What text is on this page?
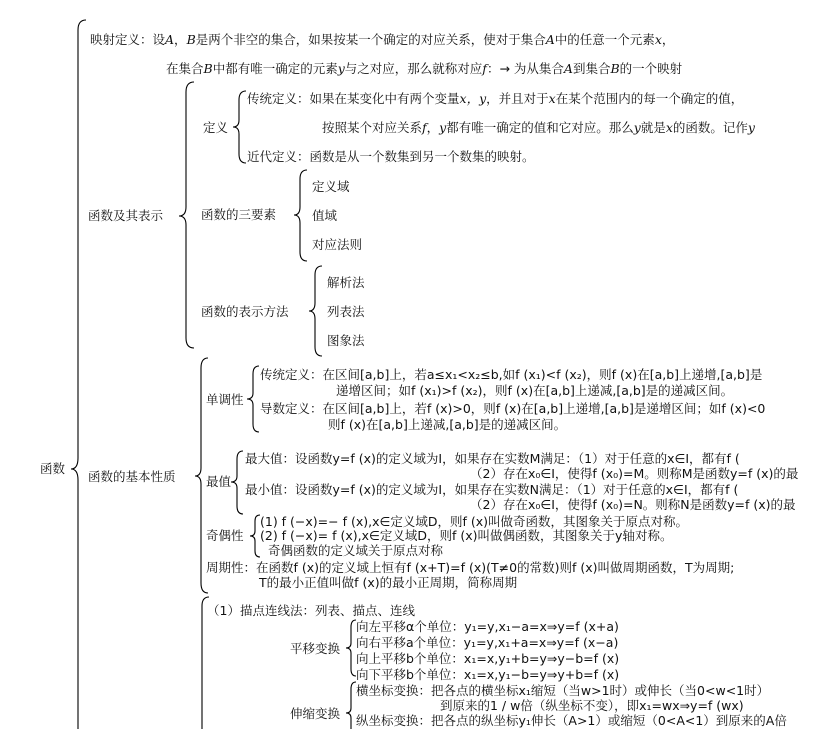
函数
映射定义：设A，B是两个非空的集合，如果按某一个确定的对应关系，使对于集合A中的任意一个元素x，
在集合B中都有唯一确定的元素y与之对应，那么就称对应f：→ 为从集合A到集合B的一个映射
函数及其表示
定义
传统定义：如果在某变化中有两个变量x，y，并且对于x在某个范围内的每一个确定的值，
按照某个对应关系f，y都有唯一确定的值和它对应。那么y就是x的函数。记作y
近代定义：函数是从一个数集到另一个数集的映射。
函数的三要素
定义域
值域
对应法则
函数的表示方法
解析法
列表法
图象法
函数的基本性质
单调性
传统定义：在区间[a,b]上，若a≤x₁<x₂≤b,如f (x₁)<f (x₂)，则f (x)在[a,b]上递增,[a,b]是
递增区间；如f (x₁)>f (x₂)，则f (x)在[a,b]上递减,[a,b]是的递减区间。
导数定义：在区间[a,b]上，若f (x)>0，则f (x)在[a,b]上递增,[a,b]是递增区间；如f (x)<0
则f (x)在[a,b]上递减,[a,b]是的递减区间。
最值
最大值：设函数y=f (x)的定义域为I，如果存在实数M满足：（1）对于任意的x∈I，都有f (
（2）存在x₀∈I，使得f (x₀)=M。则称M是函数y=f (x)的最
最小值：设函数y=f (x)的定义域为I，如果存在实数N满足：（1）对于任意的x∈I，都有f (
（2）存在x₀∈I，使得f (x₀)=N。则称N是函数y=f (x)的最
奇偶性
(1) f (−x)=− f (x),x∈定义域D，则f (x)叫做奇函数，其图象关于原点对称。
(2) f (−x)= f (x),x∈定义域D，则f (x)叫做偶函数，其图象关于y轴对称。
奇偶函数的定义域关于原点对称
周期性：在函数f (x)的定义域上恒有f (x+T)=f (x)(T≠0的常数)则f (x)叫做周期函数，T为周期;
T的最小正值叫做f (x)的最小正周期，简称周期
（1）描点连线法：列表、描点、连线
平移变换
向左平移α个单位：y₁=y,x₁−a=x⇒y=f (x+a)
向右平移a个单位：y₁=y,x₁+a=x⇒y=f (x−a)
向上平移b个单位：x₁=x,y₁+b=y⇒y−b=f (x)
向下平移b个单位：x₁=x,y₁−b=y⇒y+b=f (x)
伸缩变换
横坐标变换：把各点的横坐标x₁缩短（当w>1时）或伸长（当0<w<1时）
到原来的1 / w倍（纵坐标不变），即x₁=wx⇒y=f (wx)
纵坐标变换：把各点的纵坐标y₁伸长（A>1）或缩短（0<A<1）到原来的A倍
